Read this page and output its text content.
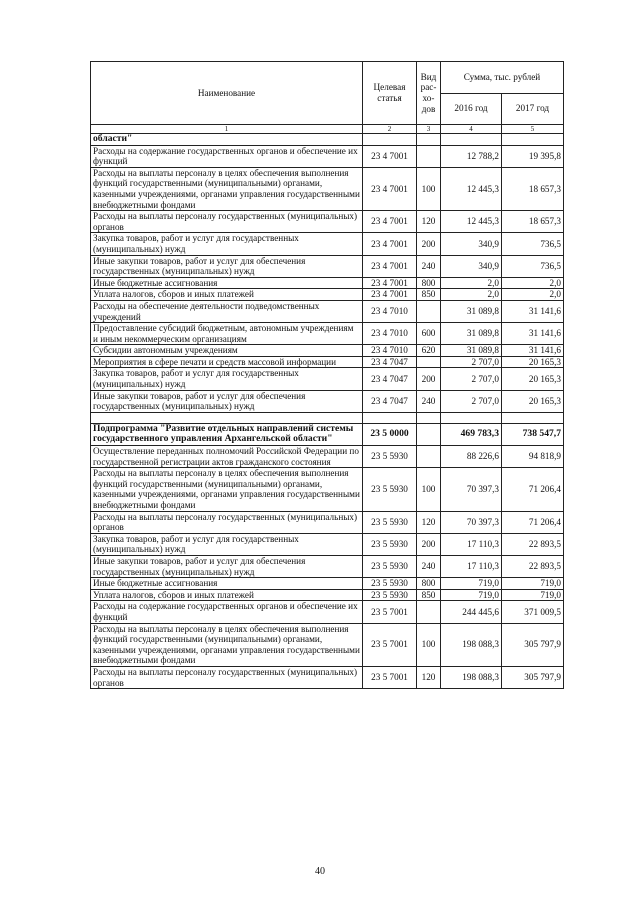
Наименование	Целевая статья	Вид рас-хо-дов	Сумма, тыс. рублей	
			2016 год	2017 год
1	2	3	4	5
области"				
Расходы на содержание государственных органов и обеспечение их функций	23 4 7001		12 788,2	19 395,8
Расходы на выплаты персоналу в целях обеспечения выполнения функций государственными (муниципальными) органами, казенными учреждениями, органами управления государственными внебюджетными фондами	23 4 7001	100	12 445,3	18 657,3
Расходы на выплаты персоналу государственных (муниципальных) органов	23 4 7001	120	12 445,3	18 657,3
Закупка товаров, работ и услуг для государственных (муниципальных) нужд	23 4 7001	200	340,9	736,5
Иные закупки товаров, работ и услуг для обеспечения государственных (муниципальных) нужд	23 4 7001	240	340,9	736,5
Иные бюджетные ассигнования	23 4 7001	800	2,0	2,0
Уплата налогов, сборов и иных платежей	23 4 7001	850	2,0	2,0
Расходы на обеспечение деятельности подведомственных учреждений	23 4 7010		31 089,8	31 141,6
Предоставление субсидий бюджетным, автономным учреждениям и иным некоммерческим организациям	23 4 7010	600	31 089,8	31 141,6
Субсидии автономным учреждениям	23 4 7010	620	31 089,8	31 141,6
Мероприятия в сфере печати и средств массовой информации	23 4 7047		2 707,0	20 165,3
Закупка товаров, работ и услуг для государственных (муниципальных) нужд	23 4 7047	200	2 707,0	20 165,3
Иные закупки товаров, работ и услуг для обеспечения государственных (муниципальных) нужд	23 4 7047	240	2 707,0	20 165,3

Подпрограмма "Развитие отдельных направлений системы государственного управления Архангельской области"	23 5 0000		469 783,3	738 547,7
Осуществление переданных полномочий Российской Федерации по государственной регистрации актов гражданского состояния	23 5 5930		88 226,6	94 818,9
Расходы на выплаты персоналу в целях обеспечения выполнения функций государственными (муниципальными) органами, казенными учреждениями, органами управления государственными внебюджетными фондами	23 5 5930	100	70 397,3	71 206,4
Расходы на выплаты персоналу государственных (муниципальных) органов	23 5 5930	120	70 397,3	71 206,4
Закупка товаров, работ и услуг для государственных (муниципальных) нужд	23 5 5930	200	17 110,3	22 893,5
Иные закупки товаров, работ и услуг для обеспечения государственных (муниципальных) нужд	23 5 5930	240	17 110,3	22 893,5
Иные бюджетные ассигнования	23 5 5930	800	719,0	719,0
Уплата налогов, сборов и иных платежей	23 5 5930	850	719,0	719,0
Расходы на содержание государственных органов и обеспечение их функций	23 5 7001		244 445,6	371 009,5
Расходы на выплаты персоналу в целях обеспечения выполнения функций государственными (муниципальными) органами, казенными учреждениями, органами управления государственными внебюджетными фондами	23 5 7001	100	198 088,3	305 797,9
Расходы на выплаты персоналу государственных (муниципальных) органов	23 5 7001	120	198 088,3	305 797,9
40
